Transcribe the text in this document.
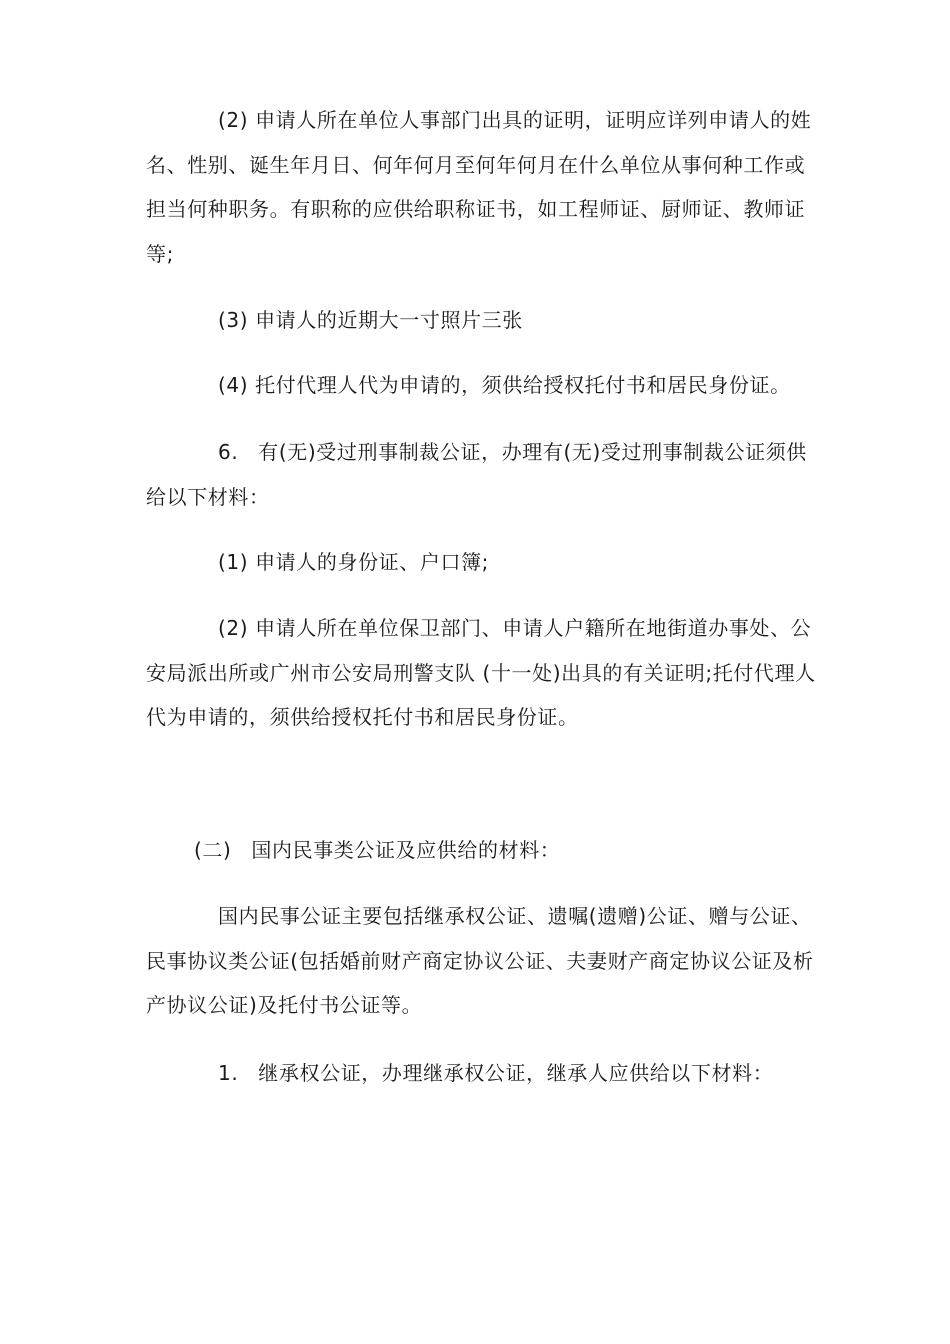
(2) 申请人所在单位人事部门出具的证明，证明应详列申请人的姓名、性别、诞生年月日、何年何月至何年何月在什么单位从事何种工作或担当何种职务。有职称的应供给职称证书，如工程师证、厨师证、教师证等;

(3) 申请人的近期大一寸照片三张

(4) 托付代理人代为申请的，须供给授权托付书和居民身份证。

6. 有(无)受过刑事制裁公证，办理有(无)受过刑事制裁公证须供给以下材料：

(1) 申请人的身份证、户口簿;

(2) 申请人所在单位保卫部门、申请人户籍所在地街道办事处、公安局派出所或广州市公安局刑警支队 (十一处)出具的有关证明;托付代理人代为申请的，须供给授权托付书和居民身份证。

(二) 国内民事类公证及应供给的材料：

国内民事公证主要包括继承权公证、遗嘱(遗赠)公证、赠与公证、民事协议类公证(包括婚前财产商定协议公证、夫妻财产商定协议公证及析产协议公证)及托付书公证等。

1. 继承权公证，办理继承权公证，继承人应供给以下材料：
